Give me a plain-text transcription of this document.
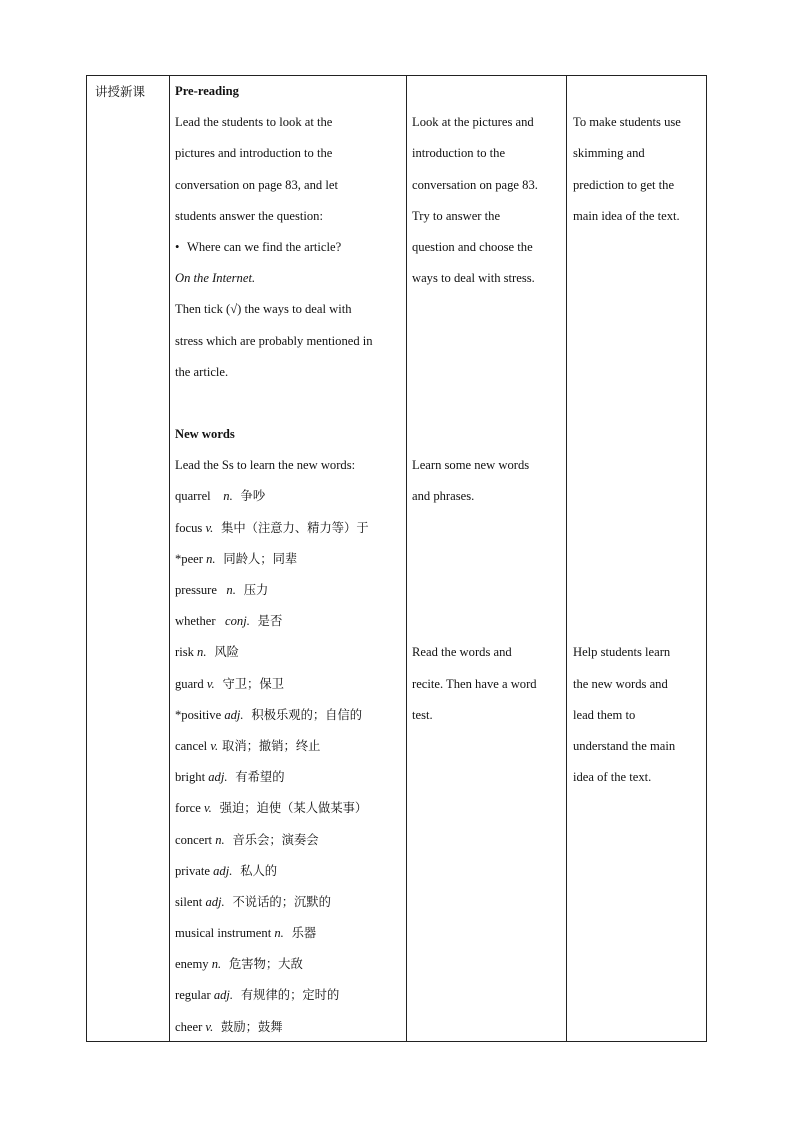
讲授新课 Pre-reading
Lead the students to look at the
pictures and introduction to the
conversation on page 83, and let
students answer the question:
• Where can we find the article?
On the Internet.
Then tick (√) the ways to deal with
stress which are probably mentioned in
the article.
New words
Lead the Ss to learn the new words:
quarrel    n.  争吵
focus v.  集中（注意力、精力等）于
*peer n.  同龄人；同辈
pressure   n.  压力
whether   conj.  是否
risk n.  风险
guard v.  守卫；保卫
*positive adj.  积极乐观的；自信的
cancel v. 取消；撤销；终止
bright adj.  有希望的
force v.  强迫；迫使（某人做某事）
concert n.  音乐会；演奏会
private adj.  私人的
silent adj.  不说话的；沉默的
musical instrument n.  乐器
enemy n.  危害物；大敌
regular adj.  有规律的；定时的
cheer v.  鼓励；鼓舞

Look at the pictures and
introduction to the
conversation on page 83.
Try to answer the
question and choose the
ways to deal with stress.
Learn some new words
and phrases.
Read the words and
recite. Then have a word
test.

To make students use
skimming and
prediction to get the
main idea of the text.
Help students learn
the new words and
lead them to
understand the main
idea of the text.
